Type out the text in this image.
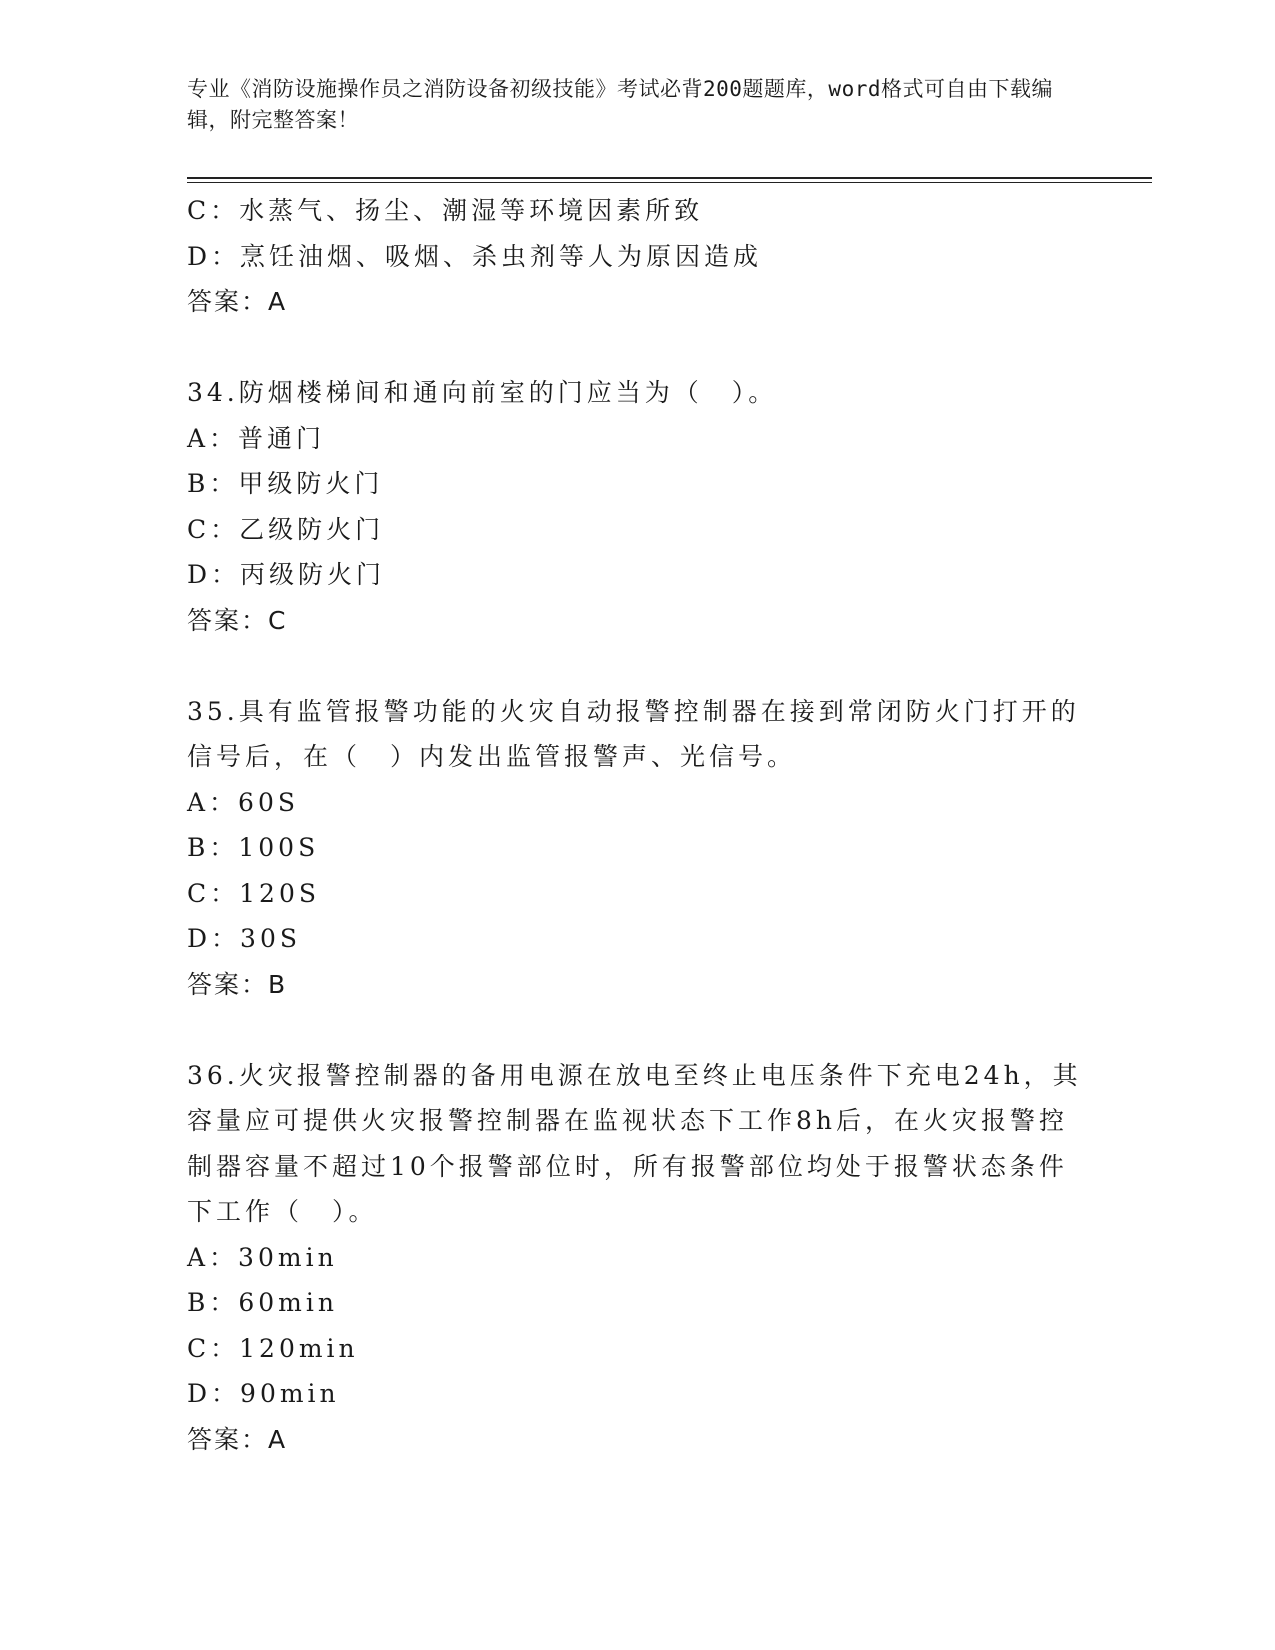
专业《消防设施操作员之消防设备初级技能》考试必背200题题库，word格式可自由下载编辑，附完整答案！
C：水蒸气、扬尘、潮湿等环境因素所致
D：烹饪油烟、吸烟、杀虫剂等人为原因造成
答案：A
34.防烟楼梯间和通向前室的门应当为（　）。
A：普通门
B：甲级防火门
C：乙级防火门
D：丙级防火门
答案：C
35.具有监管报警功能的火灾自动报警控制器在接到常闭防火门打开的信号后，在（　）内发出监管报警声、光信号。
A：60S
B：100S
C：120S
D：30S
答案：B
36.火灾报警控制器的备用电源在放电至终止电压条件下充电24h，其容量应可提供火灾报警控制器在监视状态下工作8h后，在火灾报警控制器容量不超过10个报警部位时，所有报警部位均处于报警状态条件下工作（　）。
A：30min
B：60min
C：120min
D：90min
答案：A
